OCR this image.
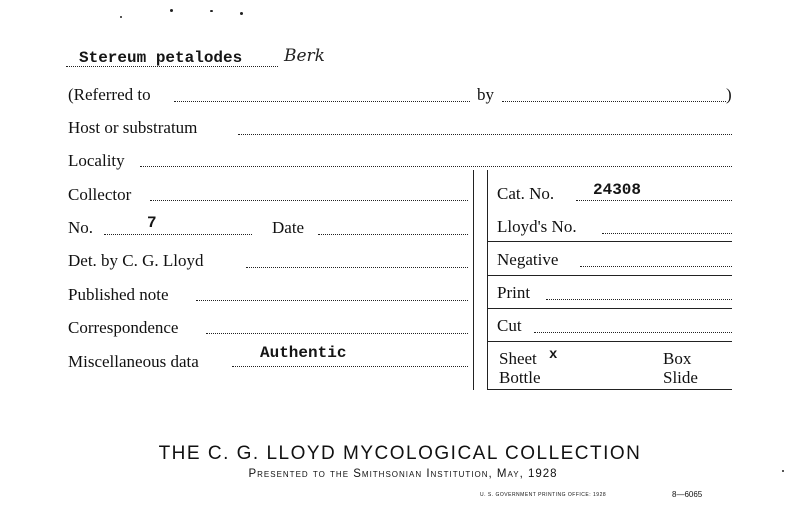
Stereum petalodes Berk
(Referred to	by	)
Host or substratum
Locality
Collector	Cat. No. 24308
No.	7	Date	Lloyd's No.
Det. by C. G. Lloyd	Negative
Published note	Print
Correspondence	Cut
Miscellaneous data	Authentic	Sheet x	Box
Bottle	Slide
THE C. G. LLOYD MYCOLOGICAL COLLECTION
Presented to the Smithsonian Institution, May, 1928
U. S. GOVERNMENT PRINTING OFFICE: 1928	8—6065
